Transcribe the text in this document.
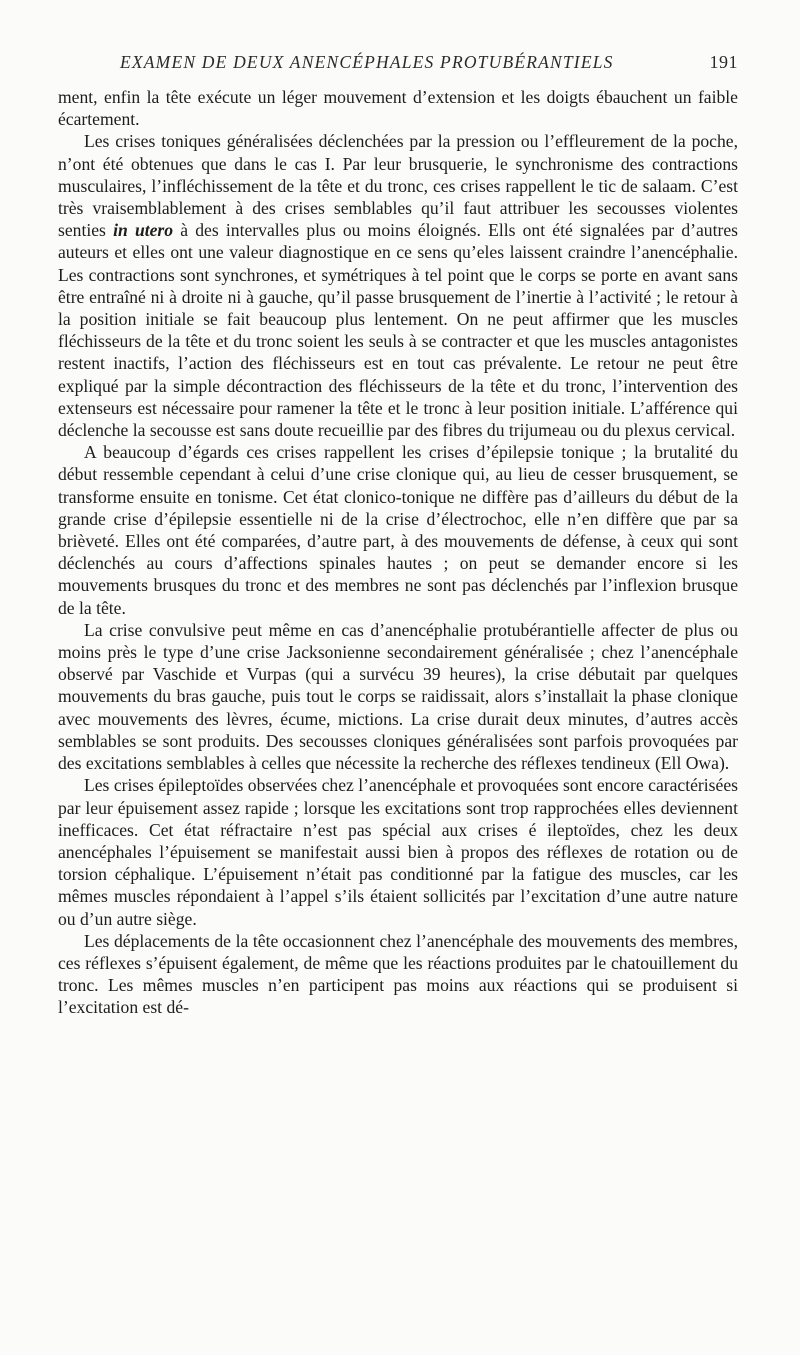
EXAMEN DE DEUX ANENCÉPHALES PROTUBÉRANTIELS	191

ment, enfin la tête exécute un léger mouvement d’extension et les doigts ébauchent un faible écartement.

Les crises toniques généralisées déclenchées par la pression ou l’effleurement de la poche, n’ont été obtenues que dans le cas I. Par leur brusquerie, le synchronisme des contractions musculaires, l’infléchissement de la tête et du tronc, ces crises rappellent le tic de salaam. C’est très vraisemblablement à des crises semblables qu’il faut attribuer les secousses violentes senties in utero à des intervalles plus ou moins éloignés. Ells ont été signalées par d’autres auteurs et elles ont une valeur diagnostique en ce sens qu’eles laissent craindre l’anencéphalie. Les contractions sont synchrones, et symétriques à tel point que le corps se porte en avant sans être entraîné ni à droite ni à gauche, qu’il passe brusquement de l’inertie à l’activité ; le retour à la position initiale se fait beaucoup plus lentement. On ne peut affirmer que les muscles fléchisseurs de la tête et du tronc soient les seuls à se contracter et que les muscles antagonistes restent inactifs, l’action des fléchisseurs est en tout cas prévalente. Le retour ne peut être expliqué par la simple décontraction des fléchisseurs de la tête et du tronc, l’intervention des extenseurs est nécessaire pour ramener la tête et le tronc à leur position initiale. L’afférence qui déclenche la secousse est sans doute recueillie par des fibres du trijumeau ou du plexus cervical.

A beaucoup d’égards ces crises rappellent les crises d’épilepsie tonique ; la brutalité du début ressemble cependant à celui d’une crise clonique qui, au lieu de cesser brusquement, se transforme ensuite en tonisme. Cet état clonico-tonique ne diffère pas d’ailleurs du début de la grande crise d’épilepsie essentielle ni de la crise d’électrochoc, elle n’en diffère que par sa brièveté. Elles ont été comparées, d’autre part, à des mouvements de défense, à ceux qui sont déclenchés au cours d’affections spinales hautes ; on peut se demander encore si les mouvements brusques du tronc et des membres ne sont pas déclenchés par l’inflexion brusque de la tête.

La crise convulsive peut même en cas d’anencéphalie protubérantielle affecter de plus ou moins près le type d’une crise Jacksonienne secondairement généralisée ; chez l’anencéphale observé par Vaschide et Vurpas (qui a survécu 39 heures), la crise débutait par quelques mouvements du bras gauche, puis tout le corps se raidissait, alors s’installait la phase clonique avec mouvements des lèvres, écume, mictions. La crise durait deux minutes, d’autres accès semblables se sont produits. Des secousses cloniques généralisées sont parfois provoquées par des excitations semblables à celles que nécessite la recherche des réflexes tendineux (Ell Owa).

Les crises épileptoïdes observées chez l’anencéphale et provoquées sont encore caractérisées par leur épuisement assez rapide ; lorsque les excitations sont trop rapprochées elles deviennent inefficaces. Cet état réfractaire n’est pas spécial aux crises é ileptoïdes, chez les deux anencéphales l’épuisement se manifestait aussi bien à propos des réflexes de rotation ou de torsion céphalique. L’épuisement n’était pas conditionné par la fatigue des muscles, car les mêmes muscles répondaient à l’appel s’ils étaient sollicités par l’excitation d’une autre nature ou d’un autre siège.

Les déplacements de la tête occasionnent chez l’anencéphale des mouvements des membres, ces réflexes s’épuisent également, de même que les réactions produites par le chatouillement du tronc. Les mêmes muscles n’en participent pas moins aux réactions qui se produisent si l’excitation est dé-
